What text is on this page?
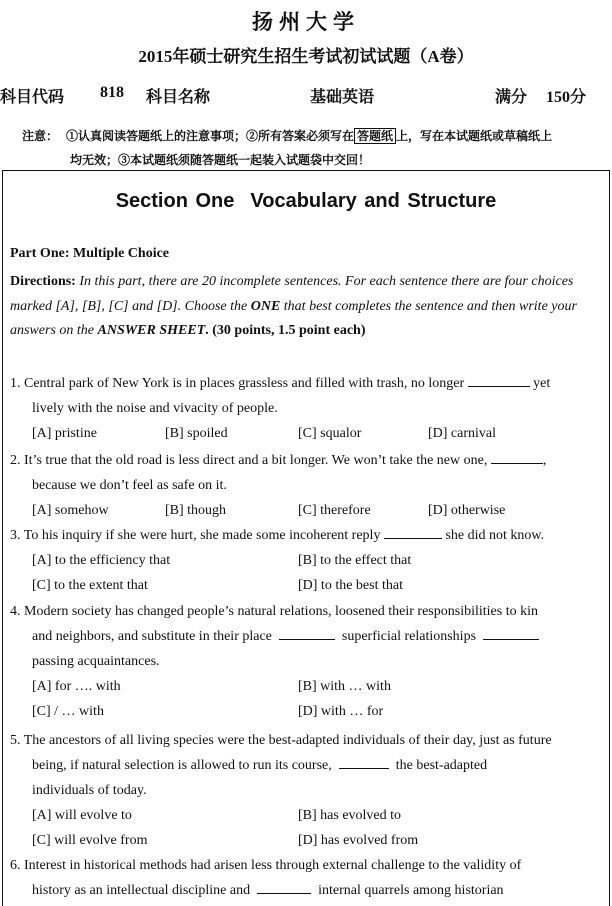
扬州大学
2015年硕士研究生招生考试初试试题（A卷）
科目代码 818 科目名称	基础英语	满分 150分
注意： ①认真阅读答题纸上的注意事项；②所有答案必须写在 答题纸 上，写在本试题纸或草稿纸上
均无效；③本试题纸须随答题纸一起装入试题袋中交回！
Section One Vocabulary and Structure
Part One: Multiple Choice
Directions: In this part, there are 20 incomplete sentences. For each sentence there are four choices marked [A], [B], [C] and [D]. Choose the ONE that best completes the sentence and then write your answers on the ANSWER SHEET. (30 points, 1.5 point each)
1. Central park of New York is in places grassless and filled with trash, no longer	yet
lively with the noise and vivacity of people.
[A] pristine	[B] spoiled	[C] squalor	[D] carnival
2. It’s true that the old road is less direct and a bit longer. We won’t take the new one,	,
because we don’t feel as safe on it.
[A] somehow	[B] though	[C] therefore	[D] otherwise
3. To his inquiry if she were hurt, she made some incoherent reply	she did not know.
[A] to the efficiency that	[B] to the effect that
[C] to the extent that	[D] to the best that
4. Modern society has changed people’s natural relations, loosened their responsibilities to kin
and neighbors, and substitute in their place	superficial relationships
passing acquaintances.
[A] for …. with	[B] with … with
[C] / … with	[D] with … for
5. The ancestors of all living species were the best-adapted individuals of their day, just as future
being, if natural selection is allowed to run its course,	the best-adapted
individuals of today.
[A] will evolve to	[B] has evolved to
[C] will evolve from	[D] has evolved from
6. Interest in historical methods had arisen less through external challenge to the validity of
history as an intellectual discipline and	internal quarrels among historian
